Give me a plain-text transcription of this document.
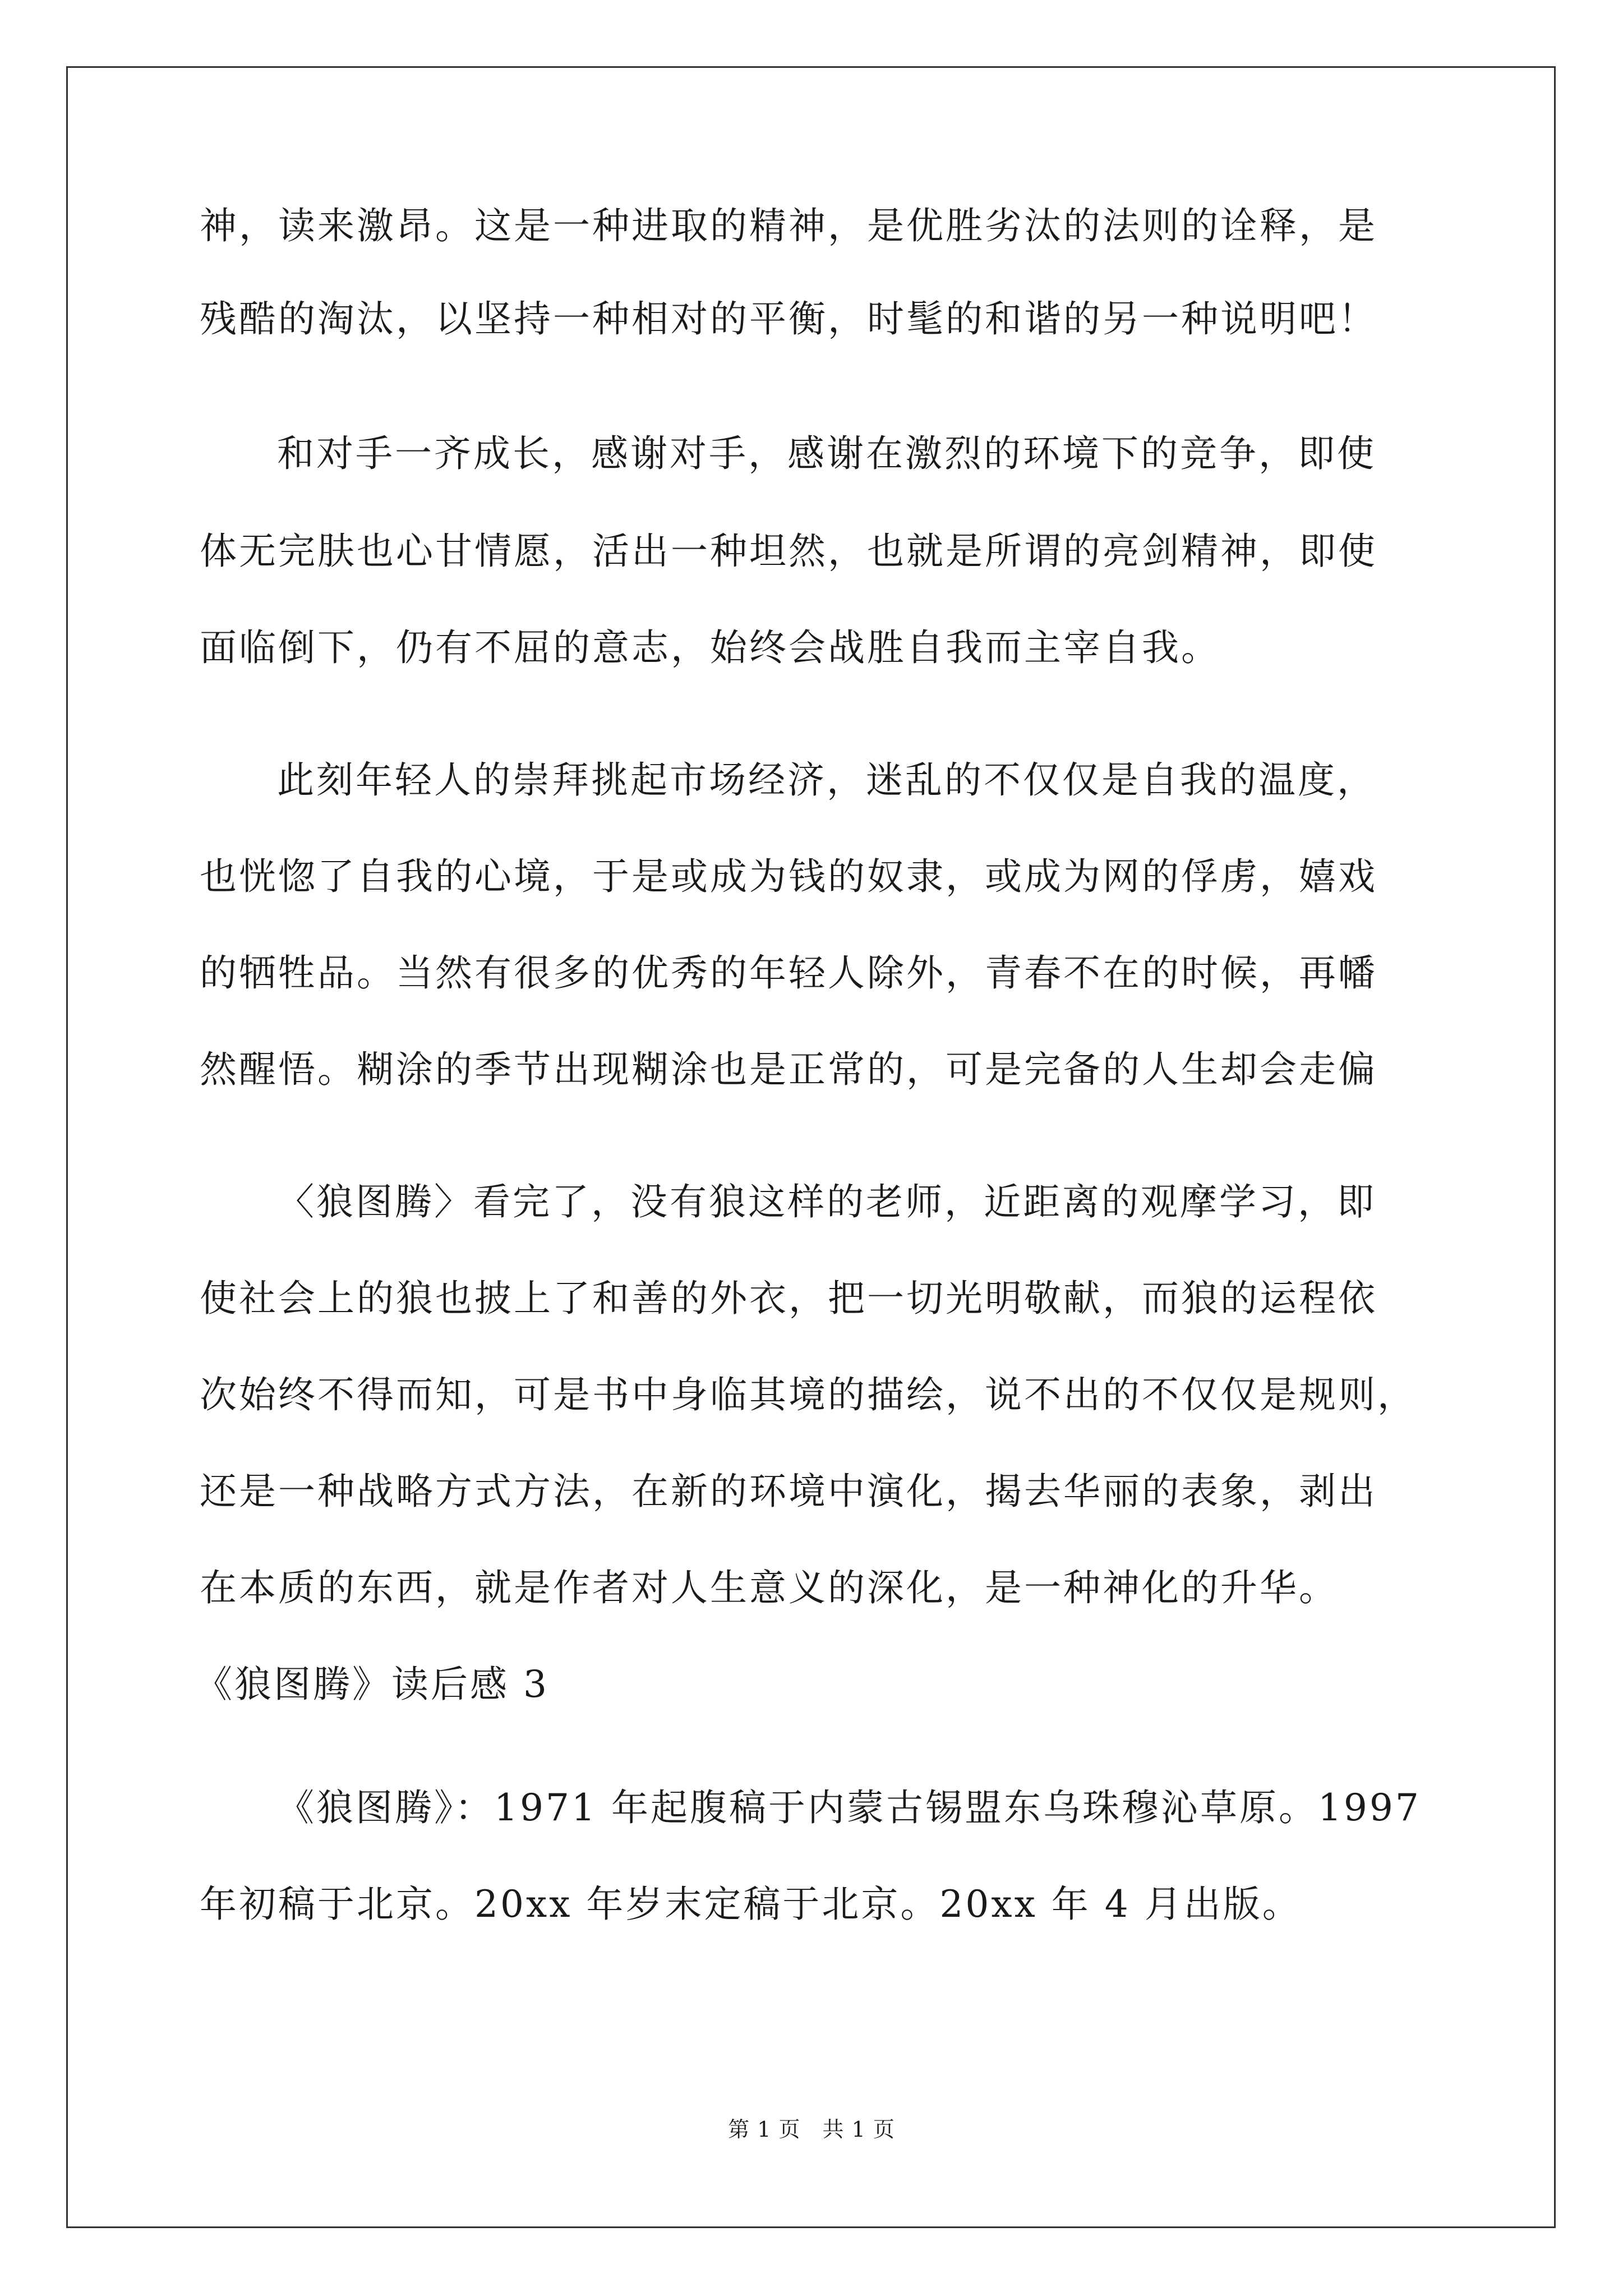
神，读来激昂。这是一种进取的精神，是优胜劣汰的法则的诠释，是
残酷的淘汰，以坚持一种相对的平衡，时髦的和谐的另一种说明吧！
和对手一齐成长，感谢对手，感谢在激烈的环境下的竞争，即使
体无完肤也心甘情愿，活出一种坦然，也就是所谓的亮剑精神，即使
面临倒下，仍有不屈的意志，始终会战胜自我而主宰自我。
此刻年轻人的崇拜挑起市场经济，迷乱的不仅仅是自我的温度，
也恍惚了自我的心境，于是或成为钱的奴隶，或成为网的俘虏，嬉戏
的牺牲品。当然有很多的优秀的年轻人除外，青春不在的时候，再幡
然醒悟。糊涂的季节出现糊涂也是正常的，可是完备的人生却会走偏
〈狼图腾〉看完了，没有狼这样的老师，近距离的观摩学习，即
使社会上的狼也披上了和善的外衣，把一切光明敬献，而狼的运程依
次始终不得而知，可是书中身临其境的描绘，说不出的不仅仅是规则，
还是一种战略方式方法，在新的环境中演化，揭去华丽的表象，剥出
在本质的东西，就是作者对人生意义的深化，是一种神化的升华。
《狼图腾》读后感 3
《狼图腾》：1971 年起腹稿于内蒙古锡盟东乌珠穆沁草原。1997
年初稿于北京。20xx 年岁末定稿于北京。20xx 年 4 月出版。
第 1 页　共 1 页
